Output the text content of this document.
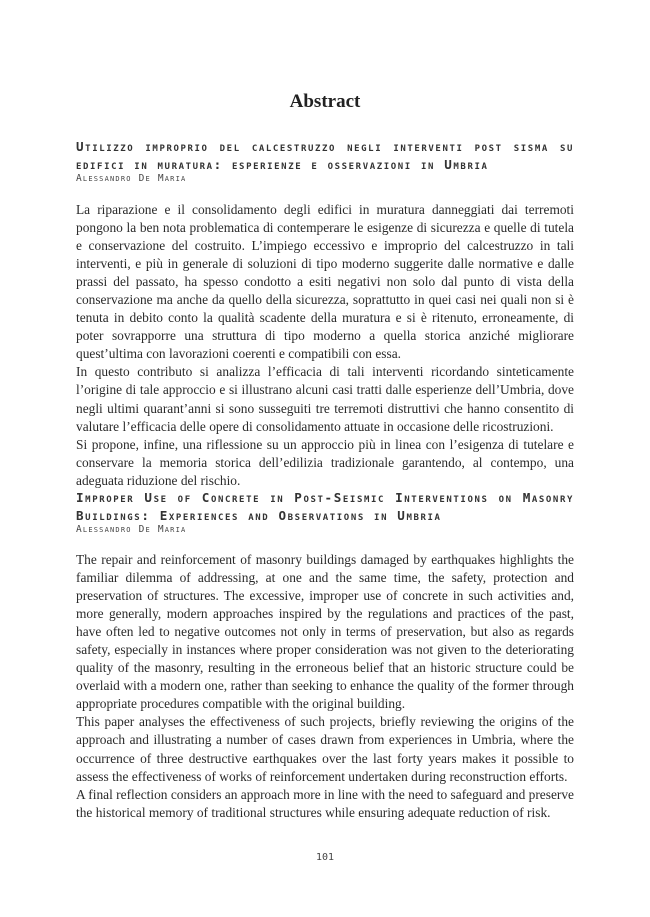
Abstract
Utilizzo improprio del calcestruzzo negli interventi post sisma su edifici in muratura: esperienze e osservazioni in Umbria
Alessandro De Maria

La riparazione e il consolidamento degli edifici in muratura danneggiati dai terremoti pongono la ben nota problematica di contemperare le esigenze di sicurezza e quelle di tutela e conservazione del costruito. L’impiego eccessivo e improprio del calcestruzzo in tali interventi, e più in generale di soluzioni di tipo moderno suggerite dalle normative e dalle prassi del passato, ha spesso condotto a esiti negativi non solo dal punto di vista della conservazione ma anche da quello della sicurezza, soprattutto in quei casi nei quali non si è tenuta in debito conto la qualità scadente della muratura e si è ritenuto, erroneamente, di poter sovrapporre una struttura di tipo moderno a quella storica anziché migliorare quest’ultima con lavorazioni coerenti e compatibili con essa.

In questo contributo si analizza l’efficacia di tali interventi ricordando sinteticamente l’origine di tale approccio e si illustrano alcuni casi tratti dalle esperienze dell’Umbria, dove negli ultimi quarant’anni si sono susseguiti tre terremoti distruttivi che hanno consentito di valutare l’efficacia delle opere di consolidamento attuate in occasione delle ricostruzioni.

Si propone, infine, una riflessione su un approccio più in linea con l’esigenza di tutelare e conservare la memoria storica dell’edilizia tradizionale garantendo, al contempo, una adeguata riduzione del rischio.

Improper Use of Concrete in Post-Seismic Interventions on Masonry Buildings: Experiences and Observations in Umbria
Alessandro De Maria

The repair and reinforcement of masonry buildings damaged by earthquakes highlights the familiar dilemma of addressing, at one and the same time, the safety, protection and preservation of structures. The excessive, improper use of concrete in such activities and, more generally, modern approaches inspired by the regulations and practices of the past, have often led to negative outcomes not only in terms of preservation, but also as regards safety, especially in instances where proper consideration was not given to the deteriorating quality of the masonry, resulting in the erroneous belief that an historic structure could be overlaid with a modern one, rather than seeking to enhance the quality of the former through appropriate procedures compatible with the original building.

This paper analyses the effectiveness of such projects, briefly reviewing the origins of the approach and illustrating a number of cases drawn from experiences in Umbria, where the occurrence of three destructive earthquakes over the last forty years makes it possible to assess the effectiveness of works of reinforcement undertaken during reconstruction efforts.

A final reflection considers an approach more in line with the need to safeguard and preserve the historical memory of traditional structures while ensuring adequate reduction of risk.

101
